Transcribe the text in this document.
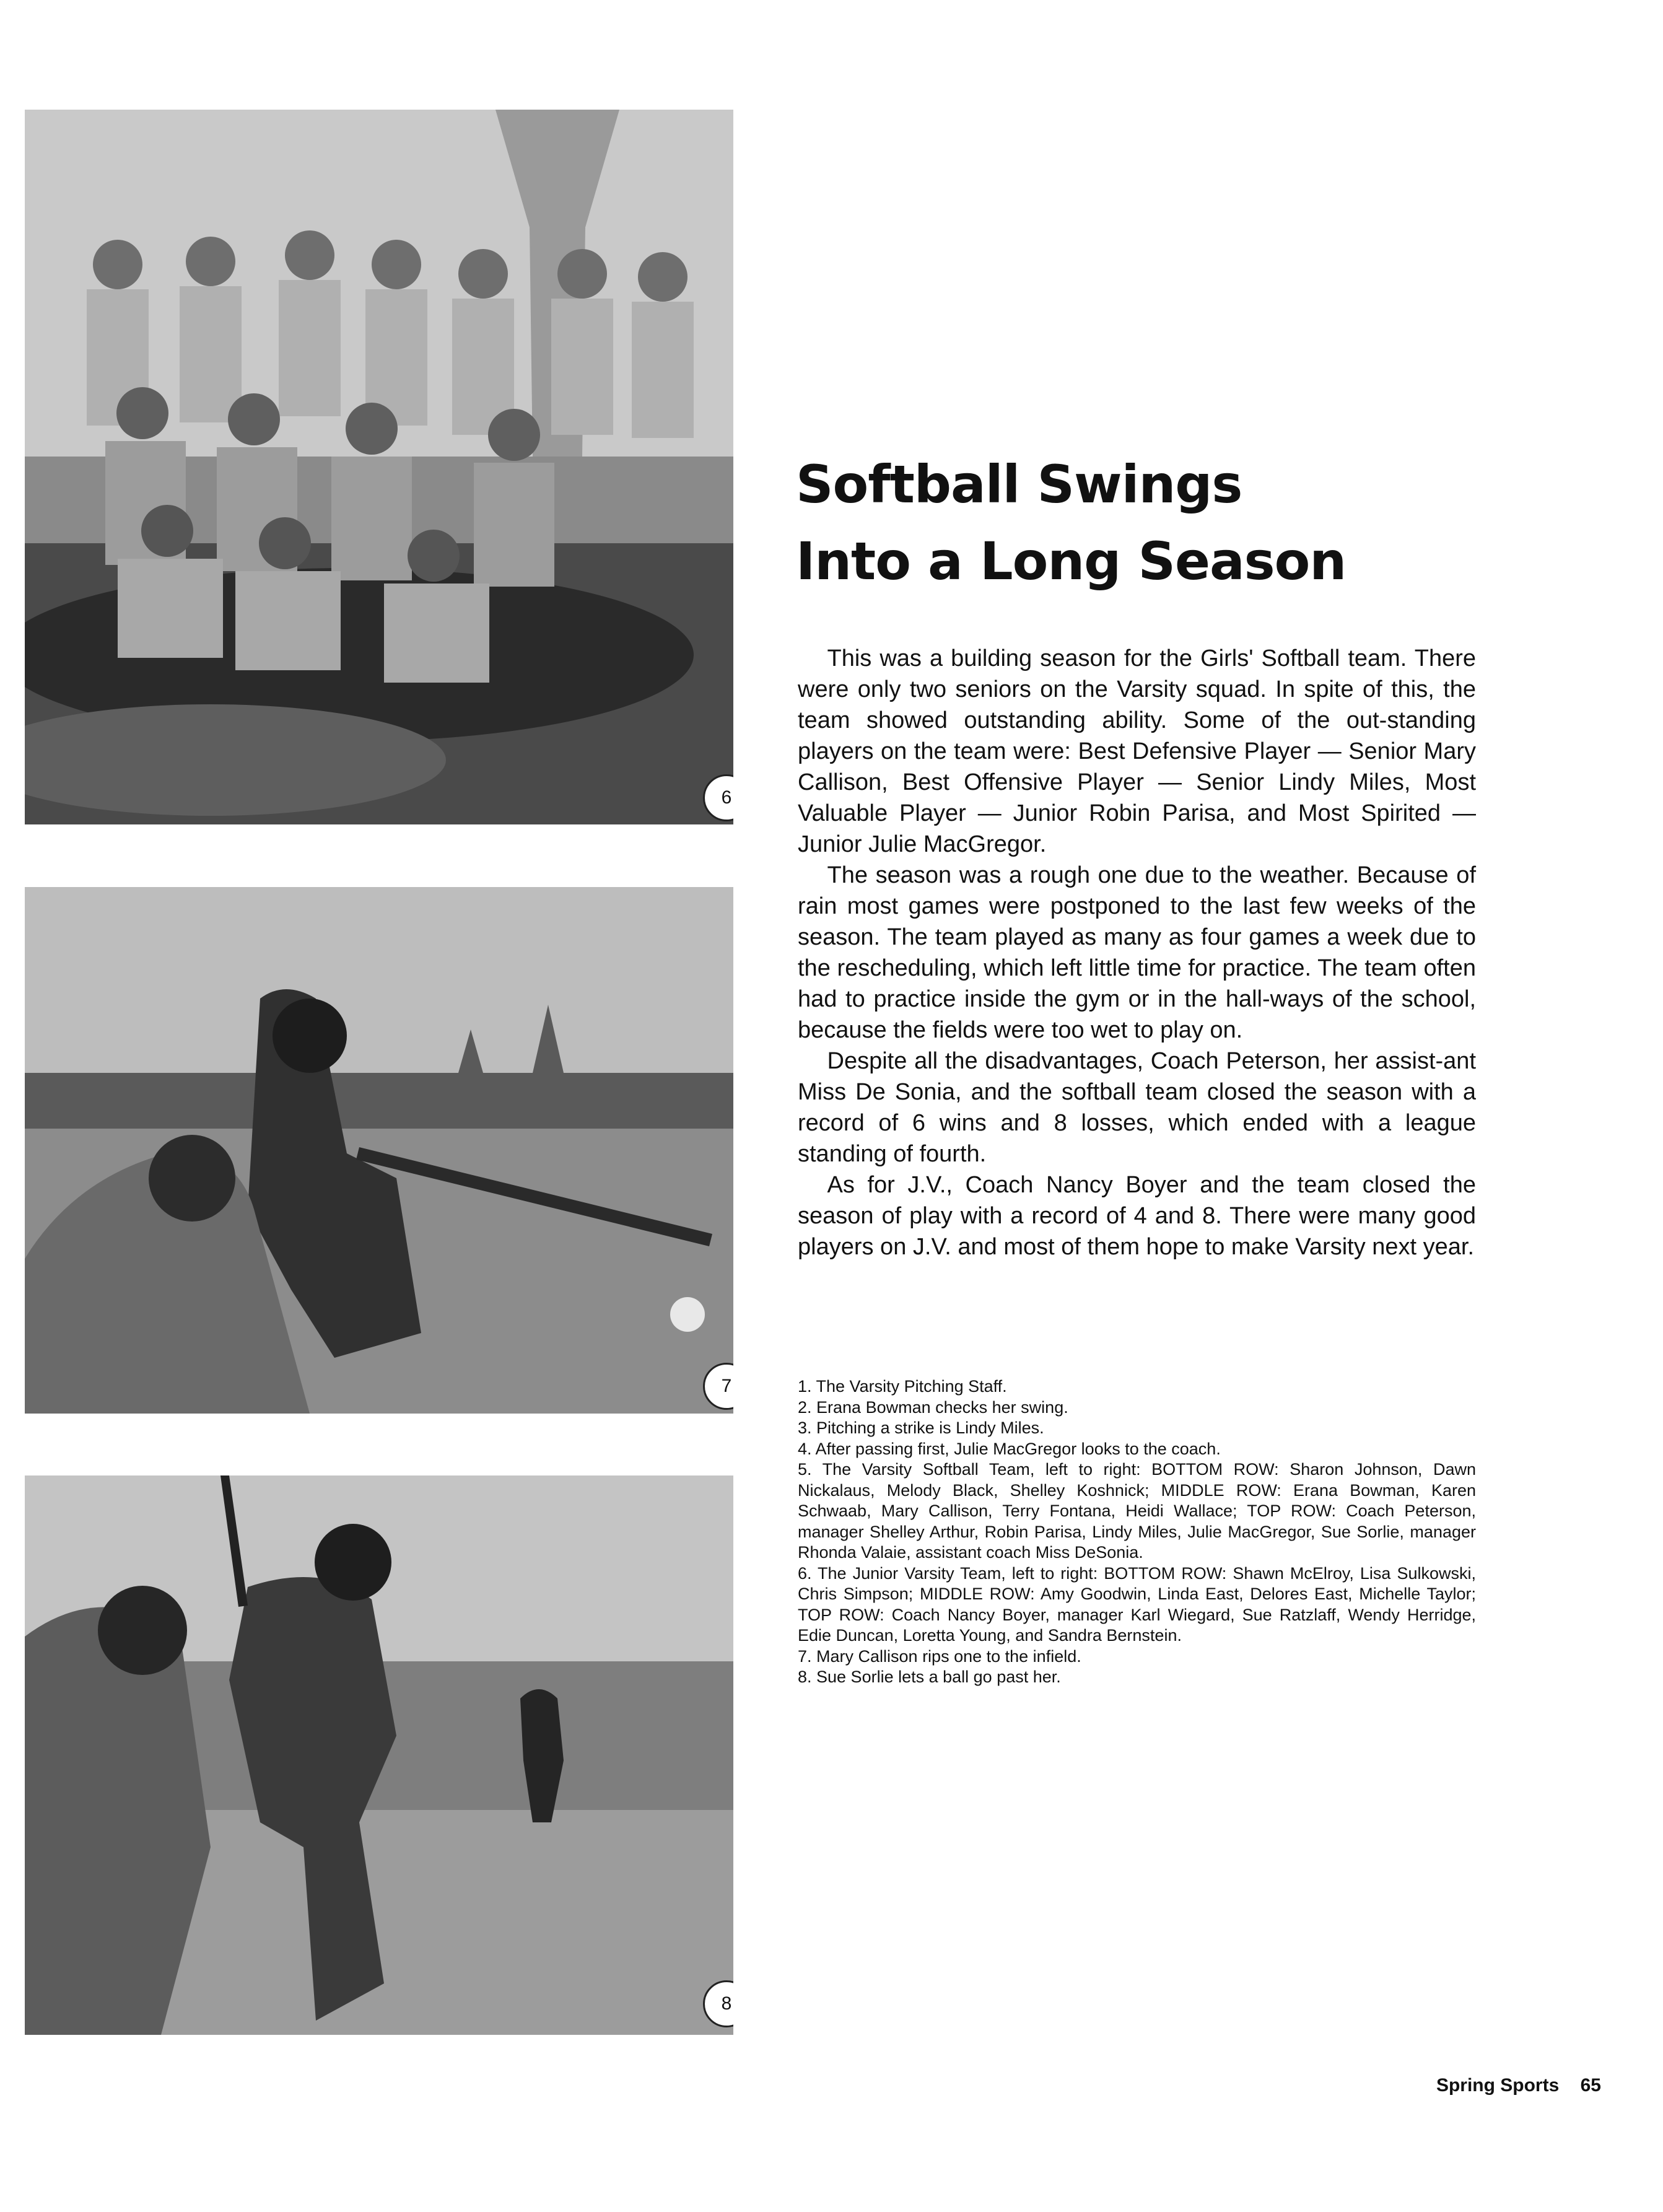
6
7
8
Softball Swings
Into a Long Season

This was a building season for the Girls' Softball team. There were only two seniors on the Varsity squad. In spite of this, the team showed outstanding ability. Some of the out-standing players on the team were: Best Defensive Player — Senior Mary Callison, Best Offensive Player — Senior Lindy Miles, Most Valuable Player — Junior Robin Parisa, and Most Spirited — Junior Julie MacGregor.

The season was a rough one due to the weather. Because of rain most games were postponed to the last few weeks of the season. The team played as many as four games a week due to the rescheduling, which left little time for practice. The team often had to practice inside the gym or in the hall-ways of the school, because the fields were too wet to play on.

Despite all the disadvantages, Coach Peterson, her assist-ant Miss De Sonia, and the softball team closed the season with a record of 6 wins and 8 losses, which ended with a league standing of fourth.

As for J.V., Coach Nancy Boyer and the team closed the season of play with a record of 4 and 8. There were many good players on J.V. and most of them hope to make Varsity next year.

1. The Varsity Pitching Staff.
2. Erana Bowman checks her swing.
3. Pitching a strike is Lindy Miles.
4. After passing first, Julie MacGregor looks to the coach.
5. The Varsity Softball Team, left to right: BOTTOM ROW: Sharon Johnson, Dawn Nickalaus, Melody Black, Shelley Koshnick; MIDDLE ROW: Erana Bowman, Karen Schwaab, Mary Callison, Terry Fontana, Heidi Wallace; TOP ROW: Coach Peterson, manager Shelley Arthur, Robin Parisa, Lindy Miles, Julie MacGregor, Sue Sorlie, manager Rhonda Valaie, assistant coach Miss DeSonia.
6. The Junior Varsity Team, left to right: BOTTOM ROW: Shawn McElroy, Lisa Sulkowski, Chris Simpson; MIDDLE ROW: Amy Goodwin, Linda East, Delores East, Michelle Taylor; TOP ROW: Coach Nancy Boyer, manager Karl Wiegard, Sue Ratzlaff, Wendy Herridge, Edie Duncan, Loretta Young, and Sandra Bernstein.
7. Mary Callison rips one to the infield.
8. Sue Sorlie lets a ball go past her.
Spring Sports 65
